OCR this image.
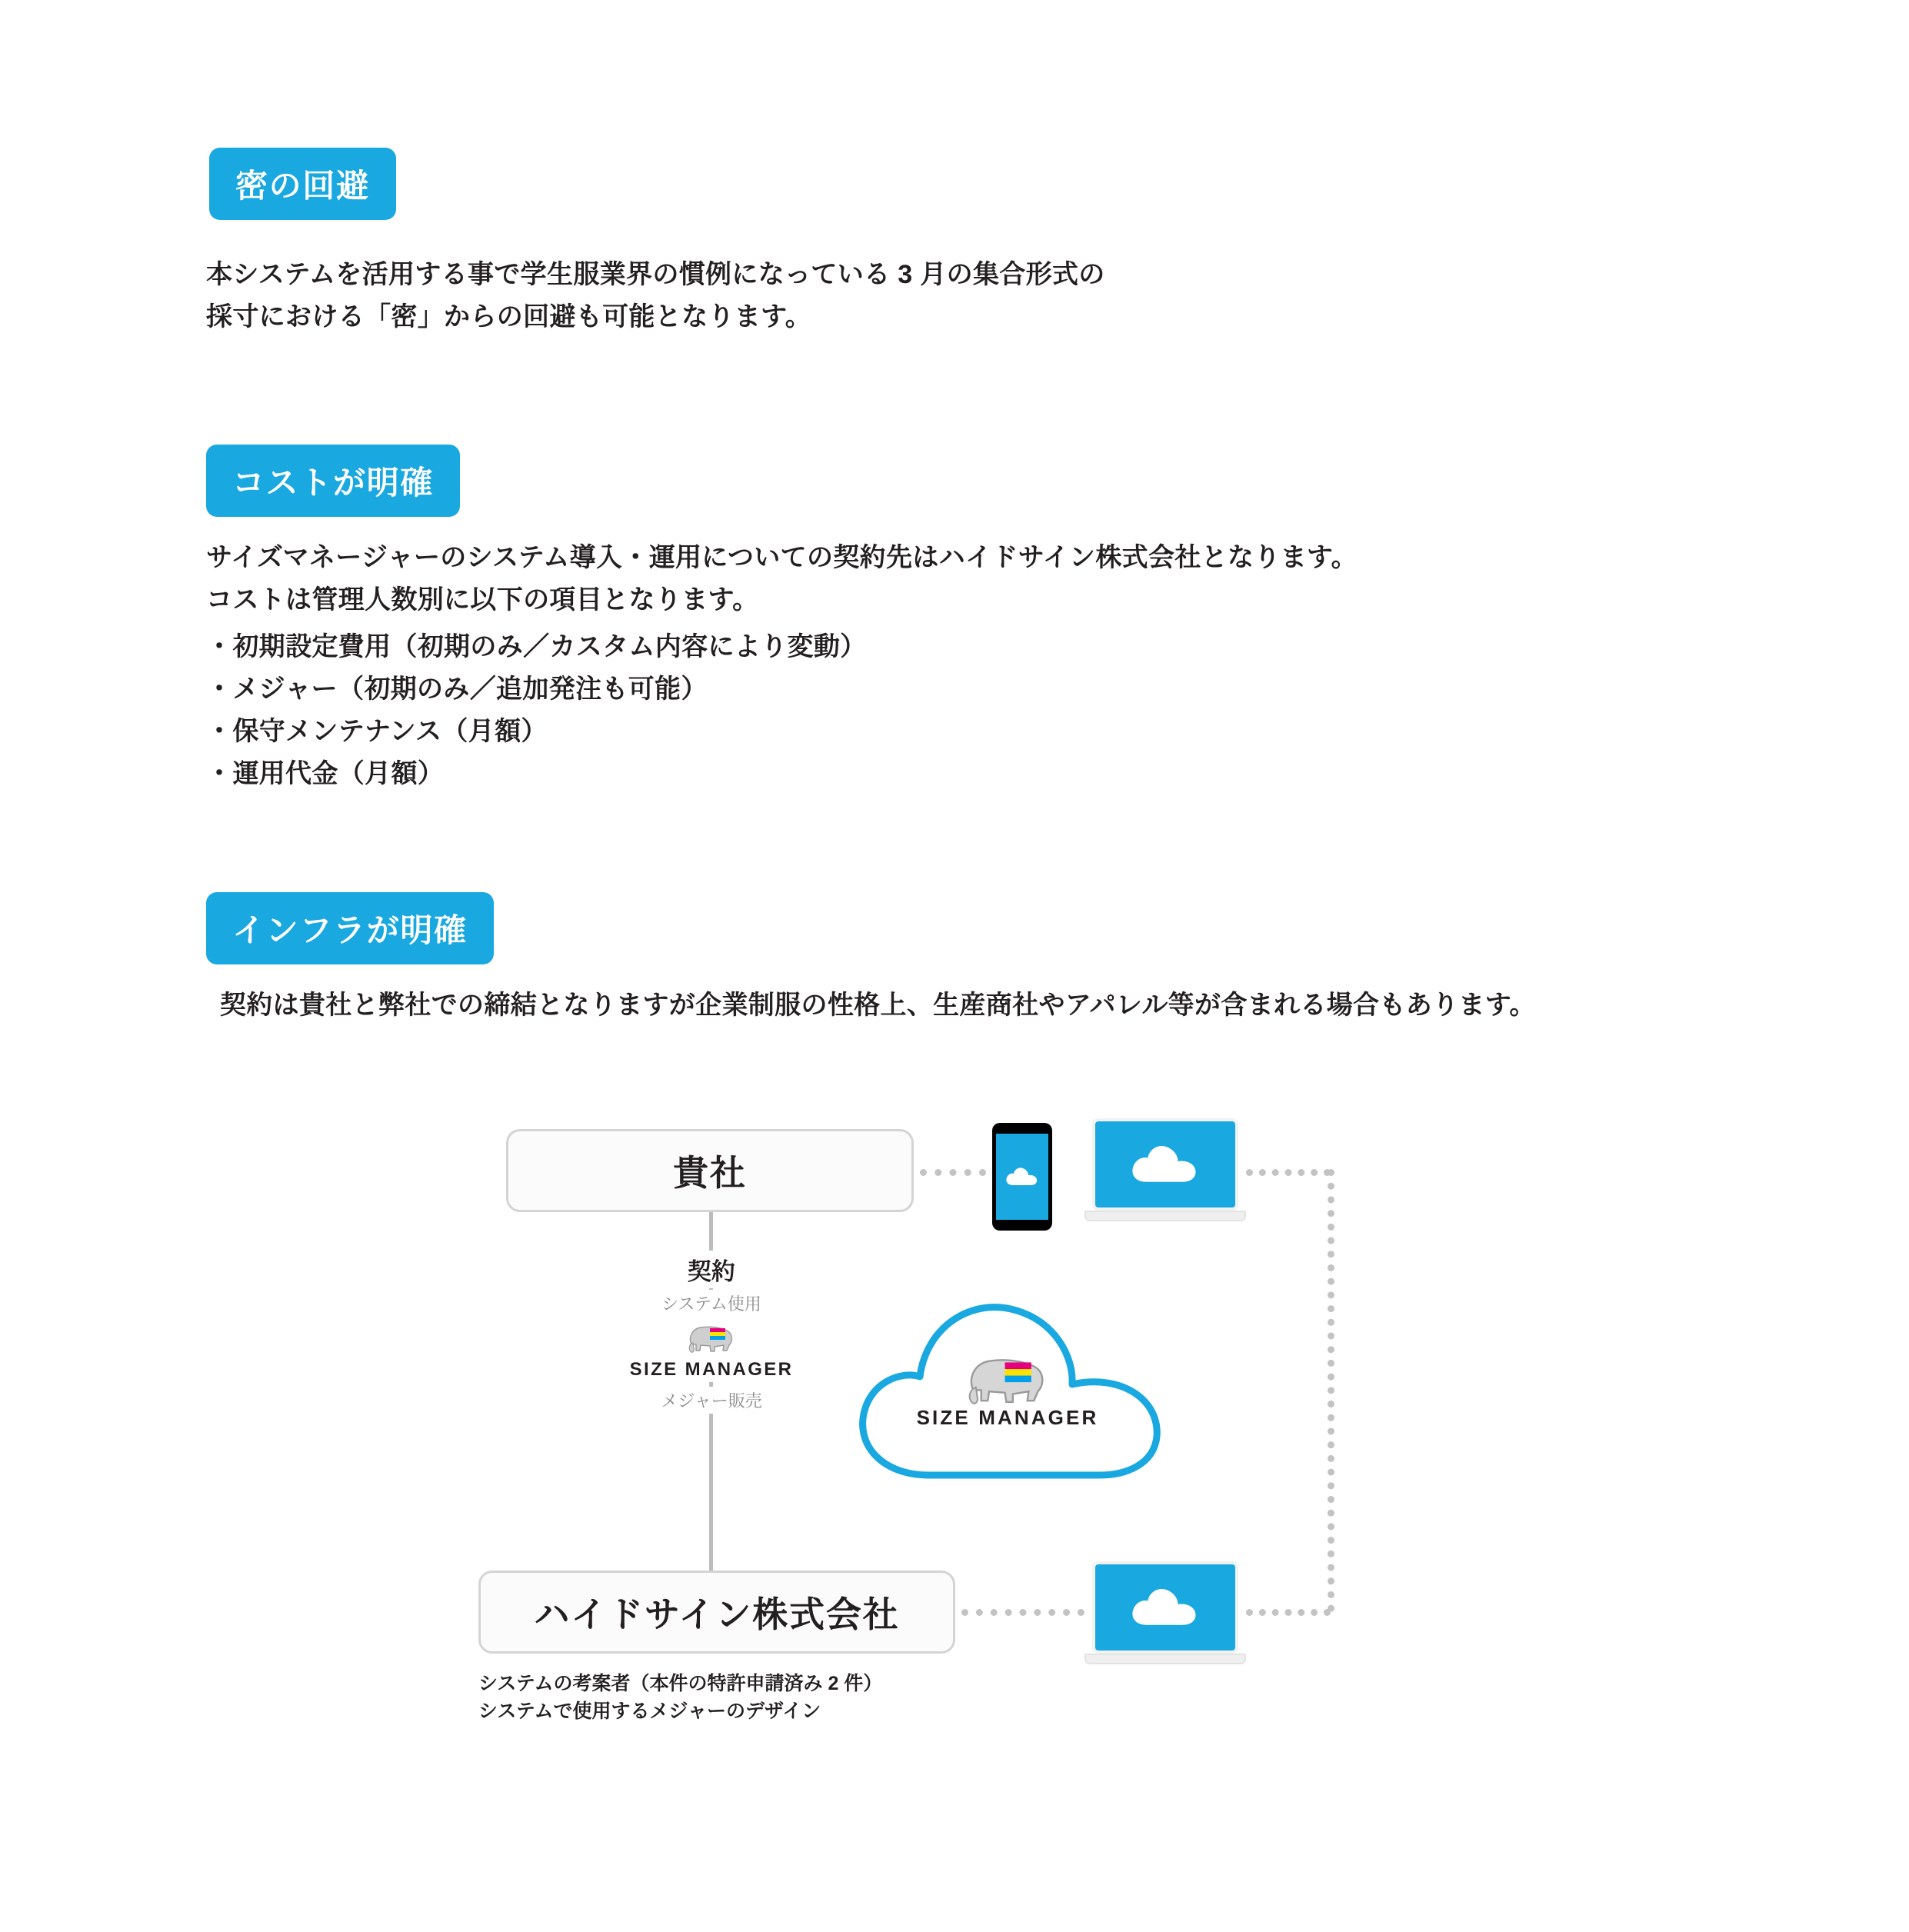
密の回避
本システムを活用する事で学生服業界の慣例になっている 3 月の集合形式の
採寸における「密」からの回避も可能となります。
コストが明確
サイズマネージャーのシステム導入・運用についての契約先はハイドサイン株式会社となります。
コストは管理人数別に以下の項目となります。
・初期設定費用（初期のみ／カスタム内容により変動）
・メジャー（初期のみ／追加発注も可能）
・保守メンテナンス（月額）
・運用代金（月額）
インフラが明確
契約は貴社と弊社での締結となりますが企業制服の性格上、生産商社やアパレル等が含まれる場合もあります。
貴社
ハイドサイン株式会社
契約
システム使用
SIZE MANAGER
メジャー販売
システムの考案者（本件の特許申請済み 2 件）
システムで使用するメジャーのデザイン
SIZE MANAGER
